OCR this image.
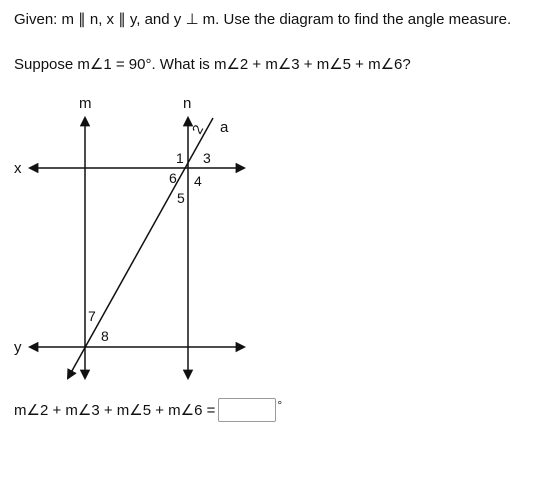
Given: m ∥ n, x ∥ y, and y ⊥ m. Use the diagram to find the angle measure.
Suppose m∠1 = 90°. What is m∠2 + m∠3 + m∠5 + m∠6?
m	n
x
y
a
2
1 3
6 4
5
7
8
m∠2 + m∠3 + m∠5 + m∠6 =	°
